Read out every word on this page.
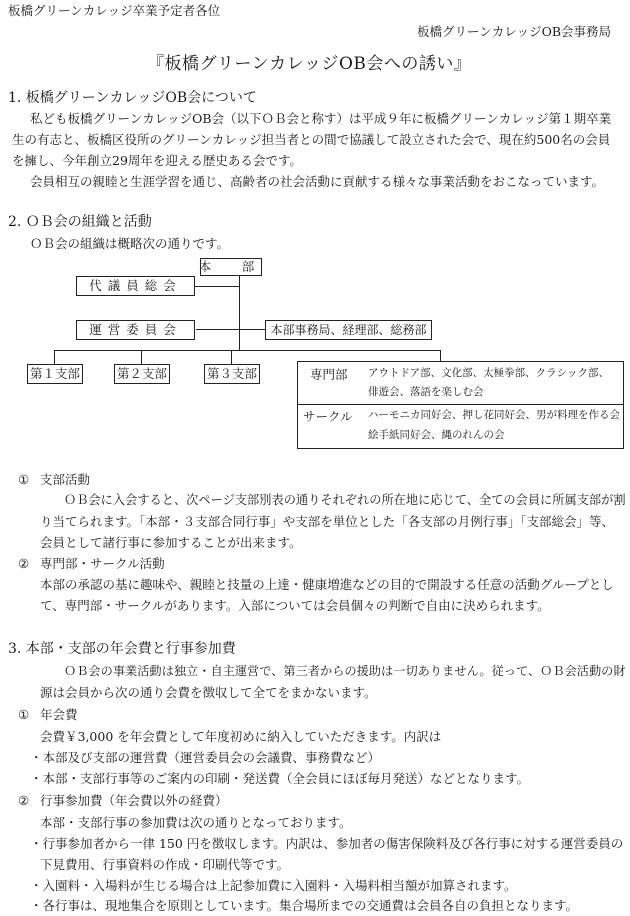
板橋グリーンカレッジ卒業予定者各位
板橋グリーンカレッジOB会事務局
『板橋グリーンカレッジOB会への誘い』
1. 板橋グリーンカレッジOB会について
私ども板橋グリーンカレッジOB会（以下ＯＢ会と称す）は平成９年に板橋グリーンカレッジ第１期卒業
生の有志と、板橋区役所のグリーンカレッジ担当者との間で協議して設立された会で、現在約500名の会員
を擁し、今年創立29周年を迎える歴史ある会です。
会員相互の親睦と生涯学習を通じ、高齢者の社会活動に貢献する様々な事業活動をおこなっています。
2. ＯＢ会の組織と活動
ＯＢ会の組織は概略次の通りです。
本　部
代議員総会
運営委員会	本部事務局、経理部、総務部
第１支部	第２支部	第３支部	専門部 アウトドア部、文化部、太極拳部、クラシック部、
俳遊会、落語を楽しむ会
サークル ハーモニカ同好会、押し花同好会、男が料理を作る会
絵手紙同好会、縄のれんの会
① 支部活動
ＯＢ会に入会すると、次ページ支部別表の通りそれぞれの所在地に応じて、全ての会員に所属支部が割
り当てられます。「本部・３支部合同行事」や支部を単位とした「各支部の月例行事」「支部総会」等、
会員として諸行事に参加することが出来ます。
② 専門部・サークル活動
本部の承認の基に趣味や、親睦と技量の上達・健康増進などの目的で開設する任意の活動グループとし
て、専門部・サークルがあります。入部については会員個々の判断で自由に決められます。
3. 本部・支部の年会費と行事参加費
ＯＢ会の事業活動は独立・自主運営で、第三者からの援助は一切ありません。従って、ＯＢ会活動の財
源は会員から次の通り会費を徴収して全てをまかないます。
① 年会費
会費￥3,000 を年会費として年度初めに納入していただきます。内訳は
・本部及び支部の運営費（運営委員会の会議費、事務費など）
・本部・支部行事等のご案内の印刷・発送費（全会員にほぼ毎月発送）などとなります。
② 行事参加費（年会費以外の経費）
本部・支部行事の参加費は次の通りとなっております。
・行事参加者から一律 150 円を徴収します。内訳は、参加者の傷害保険料及び各行事に対する運営委員の
下見費用、行事資料の作成・印刷代等です。
・入園料・入場料が生じる場合は上記参加費に入園料・入場料相当額が加算されます。
・各行事は、現地集合を原則としています。集合場所までの交通費は会員各自の負担となります。
